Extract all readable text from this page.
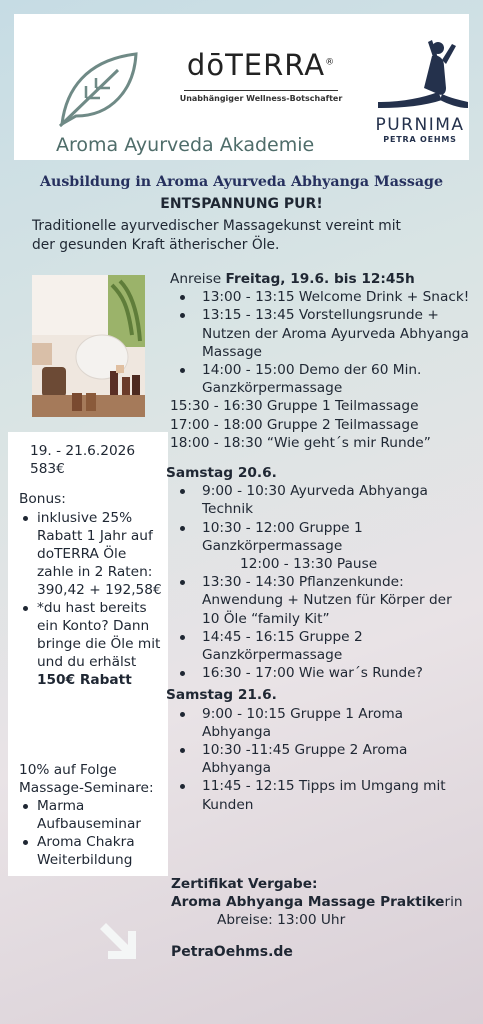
dōTERRA®
Unabhängiger Wellness-Botschafter
PURNIMA
PETRA OEHMS
Aroma Ayurveda Akademie
Ausbildung in Aroma Ayurveda Abhyanga Massage
ENTSPANNUNG PUR!
Traditionelle ayurvedischer Massagekunst vereint mit
der gesunden Kraft ätherischer Öle.
19. - 21.6.2026
583€
Bonus:
inklusive 25% Rabatt 1 Jahr auf doTERRA Öle zahle in 2 Raten: 390,42 + 192,58€
*du hast bereits ein Konto? Dann bringe die Öle mit und du erhälst 150€ Rabatt
10% auf Folge Massage-Seminare:
Marma Aufbauseminar
Aroma Chakra Weiterbildung
Anreise Freitag, 19.6. bis 12:45h
13:00 - 13:15 Welcome Drink + Snack!
13:15 - 13:45 Vorstellungsrunde + Nutzen der Aroma Ayurveda Abhyanga Massage
14:00 - 15:00 Demo der 60 Min. Ganzkörpermassage
15:30 - 16:30 Gruppe 1 Teilmassage
17:00 - 18:00 Gruppe 2 Teilmassage
18:00 - 18:30 “Wie geht´s mir Runde”
Samstag 20.6.
9:00 - 10:30 Ayurveda Abhyanga Technik
10:30 - 12:00 Gruppe 1 Ganzkörpermassage
12:00 - 13:30 Pause
13:30 - 14:30 Pflanzenkunde: Anwendung + Nutzen für Körper der 10 Öle “family Kit”
14:45 - 16:15 Gruppe 2 Ganzkörpermassage
16:30 - 17:00 Wie war´s Runde?
Samstag 21.6.
9:00 - 10:15 Gruppe 1 Aroma Abhyanga
10:30 -11:45 Gruppe 2 Aroma Abhyanga
11:45 - 12:15 Tipps im Umgang mit Kunden
Zertifikat Vergabe:
Aroma Abhyanga Massage Praktikerin
Abreise: 13:00 Uhr
PetraOehms.de
